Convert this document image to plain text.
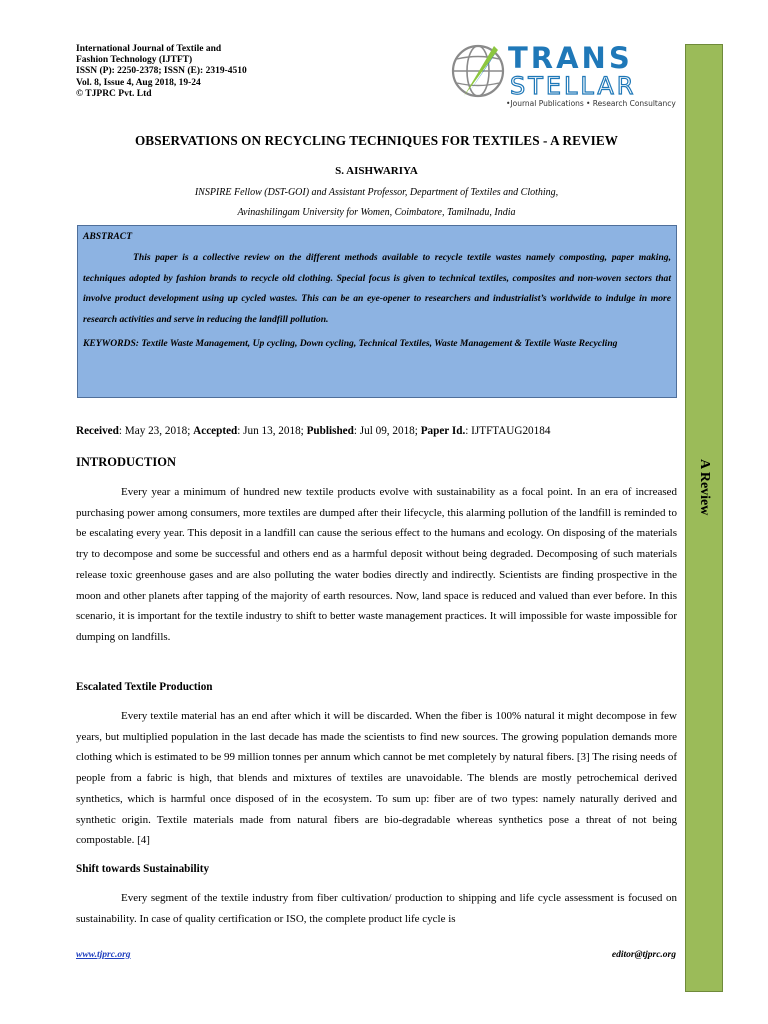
International Journal of Textile and
Fashion Technology (IJTFT)
ISSN (P): 2250-2378; ISSN (E): 2319-4510
Vol. 8, Issue 4, Aug 2018, 19-24
© TJPRC Pvt. Ltd
TRANS
STELLAR
•Journal Publications • Research Consultancy
A Review
OBSERVATIONS ON RECYCLING TECHNIQUES FOR TEXTILES - A REVIEW
S. AISHWARIYA
INSPIRE Fellow (DST-GOI) and Assistant Professor, Department of Textiles and Clothing,
Avinashilingam University for Women, Coimbatore, Tamilnadu, India
ABSTRACT

This paper is a collective review on the different methods available to recycle textile wastes namely composting, paper making, techniques adopted by fashion brands to recycle old clothing. Special focus is given to technical textiles, composites and non-woven sectors that involve product development using up cycled wastes. This can be an eye-opener to researchers and industrialist’s worldwide to indulge in more research activities and serve in reducing the landfill pollution.

KEYWORDS: Textile Waste Management, Up cycling, Down cycling, Technical Textiles, Waste Management & Textile Waste Recycling

Received: May 23, 2018; Accepted: Jun 13, 2018; Published: Jul 09, 2018; Paper Id.: IJTFTAUG20184
INTRODUCTION
Every year a minimum of hundred new textile products evolve with sustainability as a focal point. In an era of increased purchasing power among consumers, more textiles are dumped after their lifecycle, this alarming pollution of the landfill is reminded to be escalating every year. This deposit in a landfill can cause the serious effect to the humans and ecology. On disposing of the materials try to decompose and some be successful and others end as a harmful deposit without being degraded. Decomposing of such materials release toxic greenhouse gases and are also polluting the water bodies directly and indirectly. Scientists are finding prospective in the moon and other planets after tapping of the majority of earth resources. Now, land space is reduced and valued than ever before. In this scenario, it is important for the textile industry to shift to better waste management practices. It will impossible for waste impossible for dumping on landfills.
Escalated Textile Production
Every textile material has an end after which it will be discarded. When the fiber is 100% natural it might decompose in few years, but multiplied population in the last decade has made the scientists to find new sources. The growing population demands more clothing which is estimated to be 99 million tonnes per annum which cannot be met completely by natural fibers. [3] The rising needs of people from a fabric is high, that blends and mixtures of textiles are unavoidable. The blends are mostly petrochemical derived synthetics, which is harmful once disposed of in the ecosystem. To sum up: fiber are of two types: namely naturally derived and synthetic origin. Textile materials made from natural fibers are bio-degradable whereas synthetics pose a threat of not being compostable. [4]
Shift towards Sustainability
Every segment of the textile industry from fiber cultivation/ production to shipping and life cycle assessment is focused on sustainability. In case of quality certification or ISO, the complete product life cycle is
www.tjprc.org	editor@tjprc.org
